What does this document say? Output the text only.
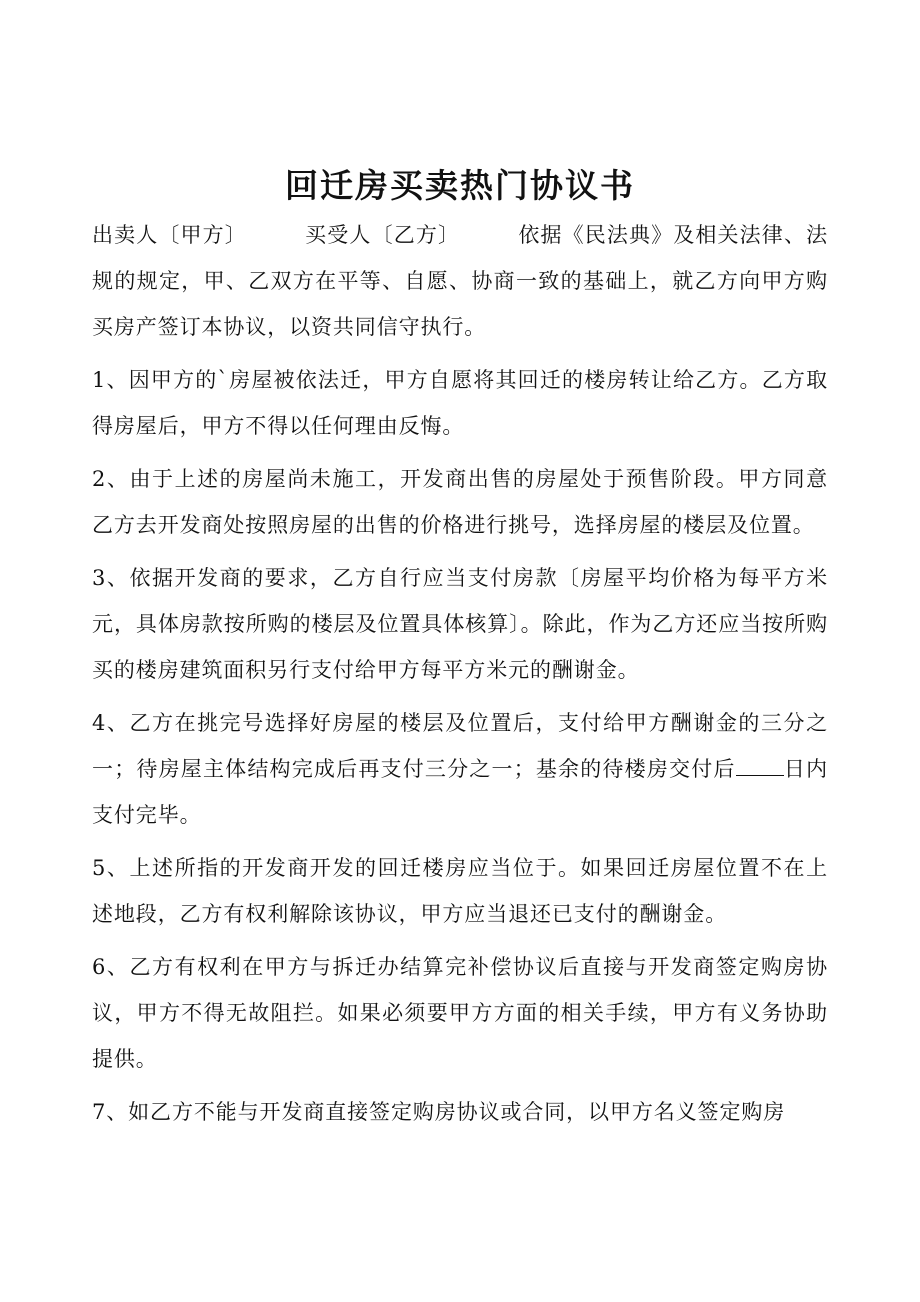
回迁房买卖热门协议书

出卖人〔甲方〕	买受人〔乙方〕	依据《民法典》及相关法律、法规的规定，甲、乙双方在平等、自愿、协商一致的基础上，就乙方向甲方购买房产签订本协议，以资共同信守执行。

1、因甲方的`房屋被依法迁，甲方自愿将其回迁的楼房转让给乙方。乙方取得房屋后，甲方不得以任何理由反悔。

2、由于上述的房屋尚未施工，开发商出售的房屋处于预售阶段。甲方同意乙方去开发商处按照房屋的出售的价格进行挑号，选择房屋的楼层及位置。

3、依据开发商的要求，乙方自行应当支付房款〔房屋平均价格为每平方米元，具体房款按所购的楼层及位置具体核算〕。除此，作为乙方还应当按所购买的楼房建筑面积另行支付给甲方每平方米元的酬谢金。

4、乙方在挑完号选择好房屋的楼层及位置后，支付给甲方酬谢金的三分之一；待房屋主体结构完成后再支付三分之一；基余的待楼房交付后 日内支付完毕。

5、上述所指的开发商开发的回迁楼房应当位于。如果回迁房屋位置不在上述地段，乙方有权利解除该协议，甲方应当退还已支付的酬谢金。

6、乙方有权利在甲方与拆迁办结算完补偿协议后直接与开发商签定购房协议，甲方不得无故阻拦。如果必须要甲方方面的相关手续，甲方有义务协助提供。

7、如乙方不能与开发商直接签定购房协议或合同，以甲方名义签定购房
